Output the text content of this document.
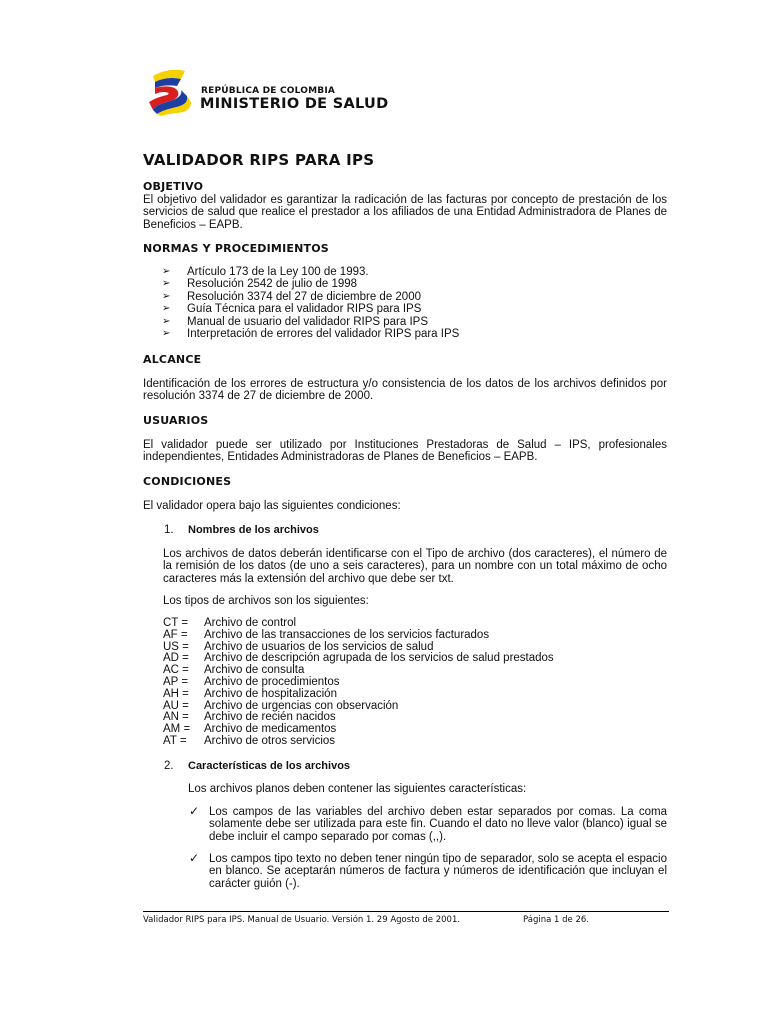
REPÚBLICA DE COLOMBIA
MINISTERIO DE SALUD
VALIDADOR RIPS PARA IPS
OBJETIVO

El objetivo del validador es garantizar la radicación de las facturas por concepto de prestación de los servicios de salud que realice el prestador a los afiliados de una Entidad Administradora de Planes de Beneficios – EAPB.

NORMAS Y PROCEDIMIENTOS
➢ Artículo 173 de la Ley 100 de 1993.
➢ Resolución 2542 de julio de 1998
➢ Resolución 3374 del 27 de diciembre de 2000
➢ Guía Técnica para el validador RIPS para IPS
➢ Manual de usuario del validador RIPS para IPS
➢ Interpretación de errores del validador RIPS para IPS
ALCANCE

Identificación de los errores de estructura y/o consistencia de los datos de los archivos definidos por resolución 3374 de 27 de diciembre de 2000.

USUARIOS

El validador puede ser utilizado por Instituciones Prestadoras de Salud – IPS, profesionales independientes, Entidades Administradoras de Planes de Beneficios – EAPB.

CONDICIONES

El validador opera bajo las siguientes condiciones:

1. Nombres de los archivos

Los archivos de datos deberán identificarse con el Tipo de archivo (dos caracteres), el número de la remisión de los datos (de uno a seis caracteres), para un nombre con un total máximo de ocho caracteres más la extensión del archivo que debe ser txt.

Los tipos de archivos son los siguientes:

CT =	Archivo de control
AF =	Archivo de las transacciones de los servicios facturados
US =	Archivo de usuarios de los servicios de salud
AD =	Archivo de descripción agrupada de los servicios de salud prestados
AC =	Archivo de consulta
AP =	Archivo de procedimientos
AH =	Archivo de hospitalización
AU =	Archivo de urgencias con observación
AN =	Archivo de recién nacidos
AM =	Archivo de medicamentos
AT =	Archivo de otros servicios
2. Características de los archivos

Los archivos planos deben contener las siguientes características:

✓ Los campos de las variables del archivo deben estar separados por comas. La coma solamente debe ser utilizada para este fin. Cuando el dato no lleve valor (blanco) igual se debe incluir el campo separado por comas (,,).

✓ Los campos tipo texto no deben tener ningún tipo de separador, solo se acepta el espacio en blanco. Se aceptarán números de factura y números de identificación que incluyan el carácter guión (-).

Validador RIPS para IPS. Manual de Usuario. Versión 1. 29 Agosto de 2001.	Página 1 de 26.
